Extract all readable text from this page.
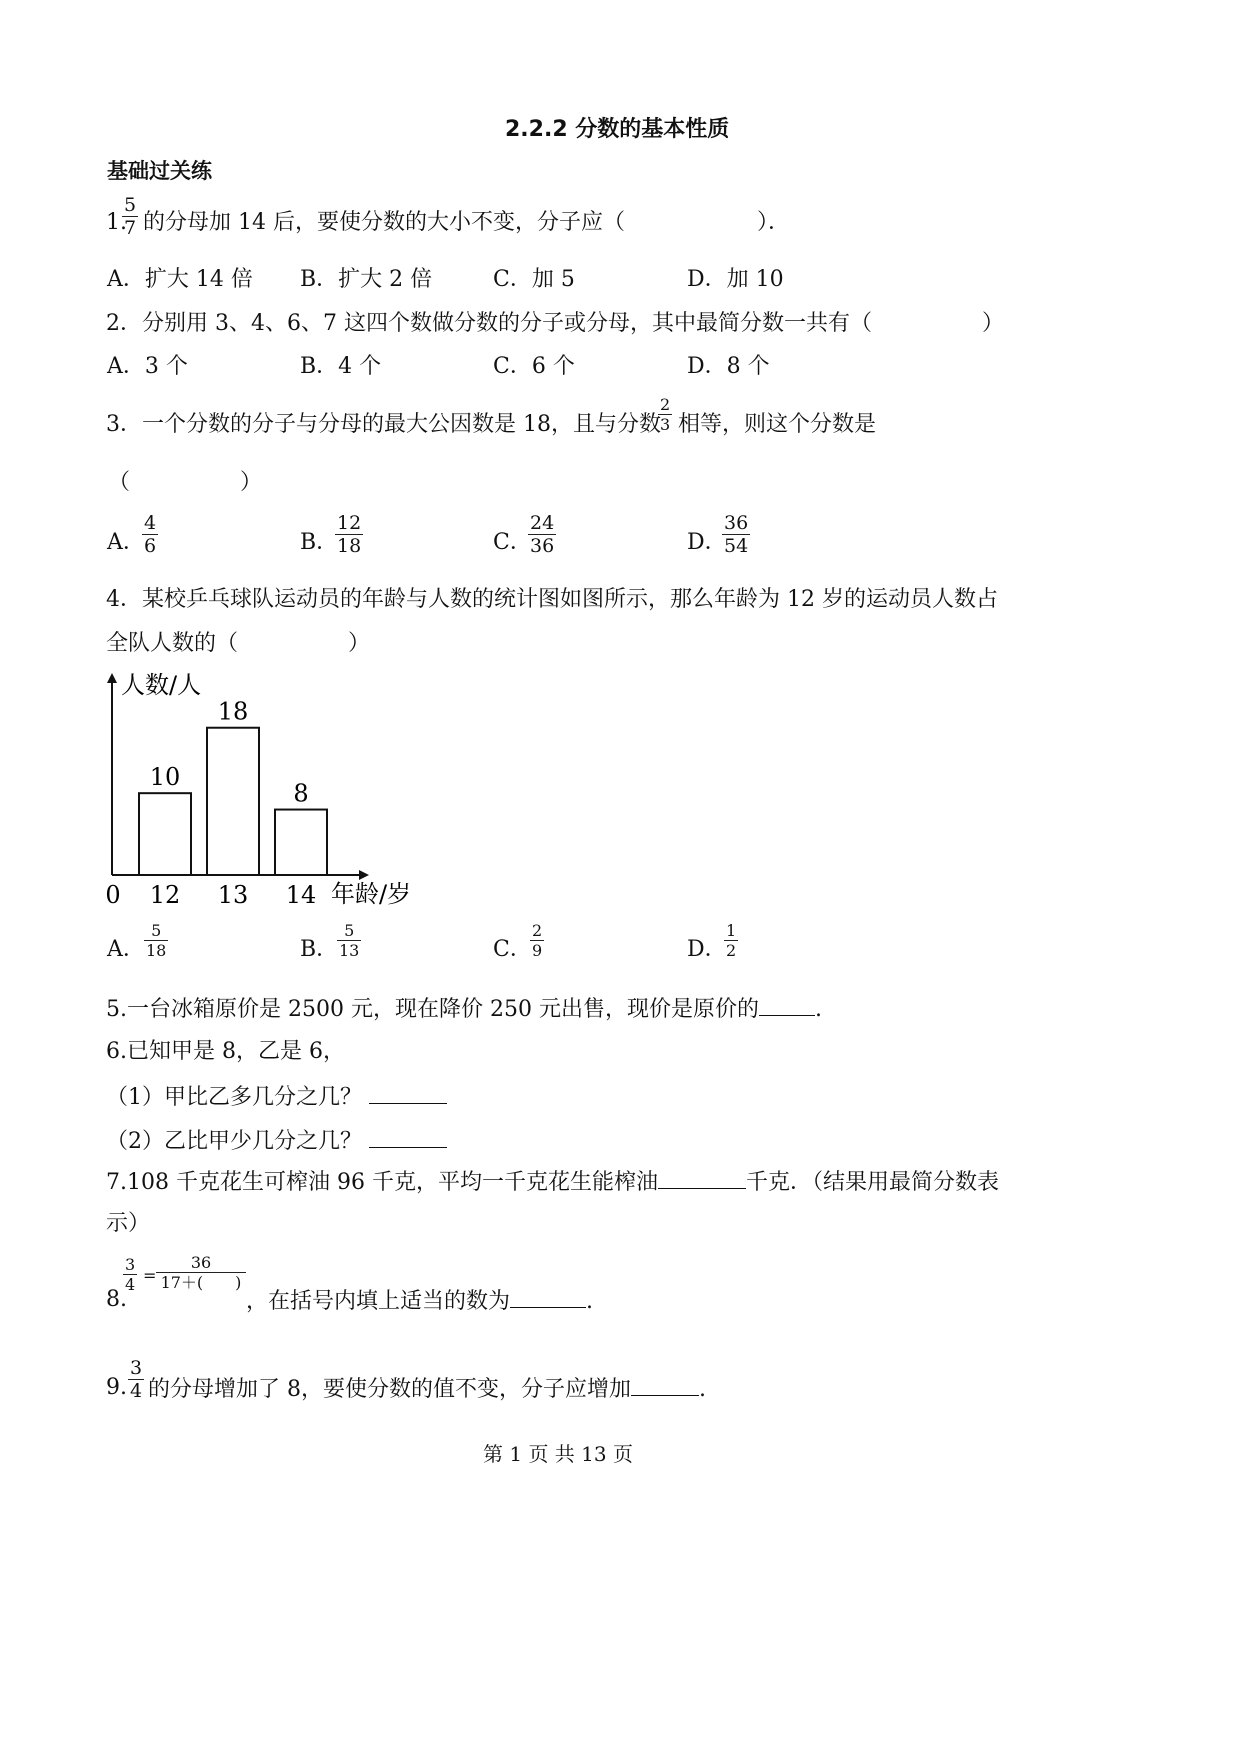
2.2.2 分数的基本性质
基础过关练
1.
5
7 的分母加 14 后，要使分数的大小不变，分子应（　　　　　　）．
A．扩大 14 倍 B．扩大 2 倍	C．加 5	D．加 10
2．分别用 3、4、6、7 这四个数做分数的分子或分母，其中最简分数一共有（　　　　　）
A．3 个	B．4 个	C．6 个	D．8 个
3．一个分数的分子与分母的最大公因数是 18，且与分数
2
3 相等，则这个分数是
（　　　　　）
A．
4
6	B．
12
18	C．
24
36	D．
36
54
4．某校乒乓球队运动员的年龄与人数的统计图如图所示，那么年龄为 12 岁的运动员人数占
全队人数的（　　　　　）
人数/人
年龄/岁
0
10
12
18
13
8
14
A．
5
18	B．
5
13	C．
2
9	D．
1
2
5.一台冰箱原价是 2500 元，现在降价 250 元出售，现价是原价的	.
6.已知甲是 8，乙是 6，
（1）甲比乙多几分之几？
（2）乙比甲少几分之几？
7.108 千克花生可榨油 96 千克，平均一千克花生能榨油	千克．（结果用最简分数表
示）
8.
3
4 =
36
17＋(　　)
，在括号内填上适当的数为	.
9.
3
4 的分母增加了 8，要使分数的值不变，分子应增加	.
第 1 页 共 13 页
